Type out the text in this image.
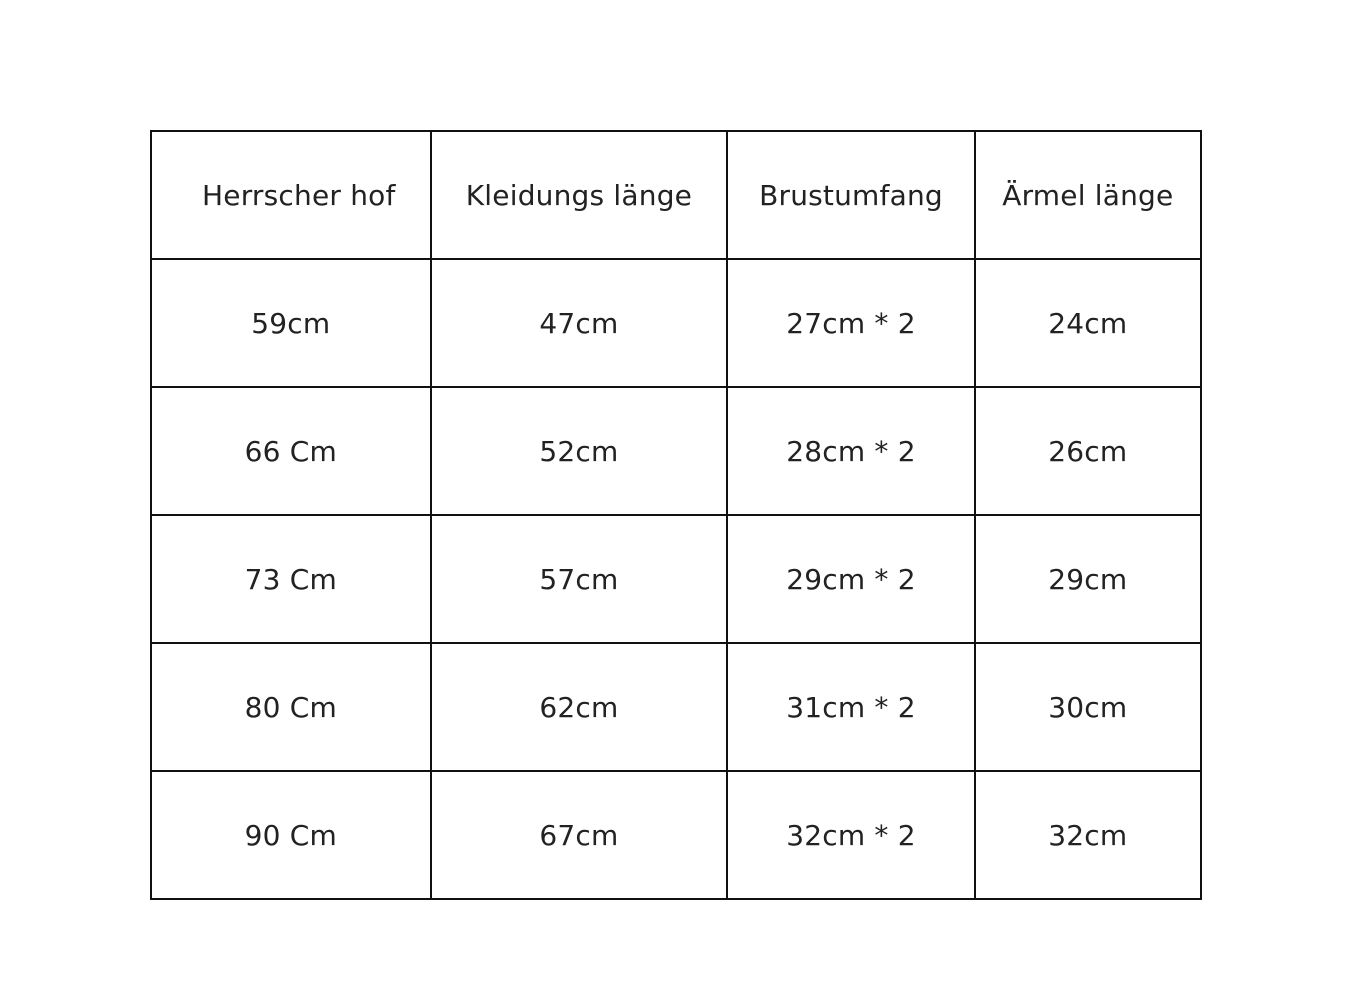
Herrscher hof	Kleidungs länge	Brustumfang	Ärmel länge
59cm	47cm	27cm * 2	24cm
66 Cm	52cm	28cm * 2	26cm
73 Cm	57cm	29cm * 2	29cm
80 Cm	62cm	31cm * 2	30cm
90 Cm	67cm	32cm * 2	32cm
